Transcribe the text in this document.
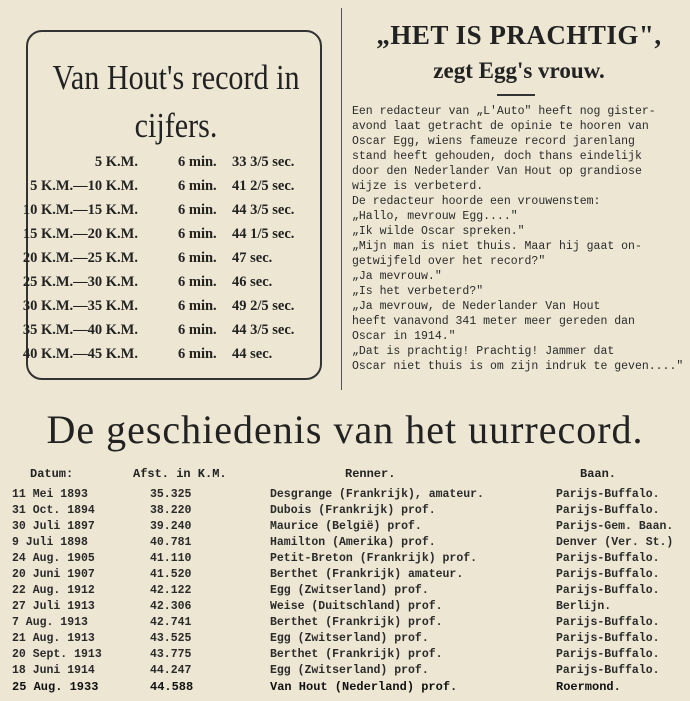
Van Hout's record in
cijfers.
5 K.M.	6 min. 33 3/5 sec.
5 K.M.—10 K.M.	6 min. 41 2/5 sec.
10 K.M.—15 K.M.	6 min. 44 3/5 sec.
15 K.M.—20 K.M.	6 min. 44 1/5 sec.
20 K.M.—25 K.M.	6 min. 47 sec.
25 K.M.—30 K.M.	6 min. 46 sec.
30 K.M.—35 K.M.	6 min. 49 2/5 sec.
35 K.M.—40 K.M.	6 min. 44 3/5 sec.
40 K.M.—45 K.M.	6 min. 44 sec.
„HET IS PRACHTIG",
zegt Egg's vrouw.

Een redacteur van „L'Auto" heeft nog gister-

avond laat getracht de opinie te hooren van

Oscar Egg, wiens fameuze record jarenlang

stand heeft gehouden, doch thans eindelijk

door den Nederlander Van Hout op grandiose

wijze is verbeterd.

De redacteur hoorde een vrouwenstem:

„Hallo, mevrouw Egg...."

„Ik wilde Oscar spreken."

„Mijn man is niet thuis. Maar hij gaat on-

getwijfeld over het record?"

„Ja mevrouw."

„Is het verbeterd?"

„Ja mevrouw, de Nederlander Van Hout

heeft vanavond 341 meter meer gereden dan

Oscar in 1914."

„Dat is prachtig! Prachtig! Jammer dat

Oscar niet thuis is om zijn indruk te geven...."

De geschiedenis van het uurrecord.
Datum:	Afst. in K.M.	Renner.	Baan.
11 Mei 1893	35.325	Desgrange (Frankrijk), amateur.	Parijs-Buffalo.
31 Oct. 1894	38.220	Dubois (Frankrijk) prof.	Parijs-Buffalo.
30 Juli 1897	39.240	Maurice (België) prof.	Parijs-Gem. Baan.
9 Juli 1898	40.781	Hamilton (Amerika) prof.	Denver (Ver. St.)
24 Aug. 1905	41.110	Petit-Breton (Frankrijk) prof.	Parijs-Buffalo.
20 Juni 1907	41.520	Berthet (Frankrijk) amateur.	Parijs-Buffalo.
22 Aug. 1912	42.122	Egg (Zwitserland) prof.	Parijs-Buffalo.
27 Juli 1913	42.306	Weise (Duitschland) prof.	Berlijn.
7 Aug. 1913	42.741	Berthet (Frankrijk) prof.	Parijs-Buffalo.
21 Aug. 1913	43.525	Egg (Zwitserland) prof.	Parijs-Buffalo.
20 Sept. 1913	43.775	Berthet (Frankrijk) prof.	Parijs-Buffalo.
18 Juni 1914	44.247	Egg (Zwitserland) prof.	Parijs-Buffalo.
25 Aug. 1933	44.588	Van Hout (Nederland) prof.	Roermond.
